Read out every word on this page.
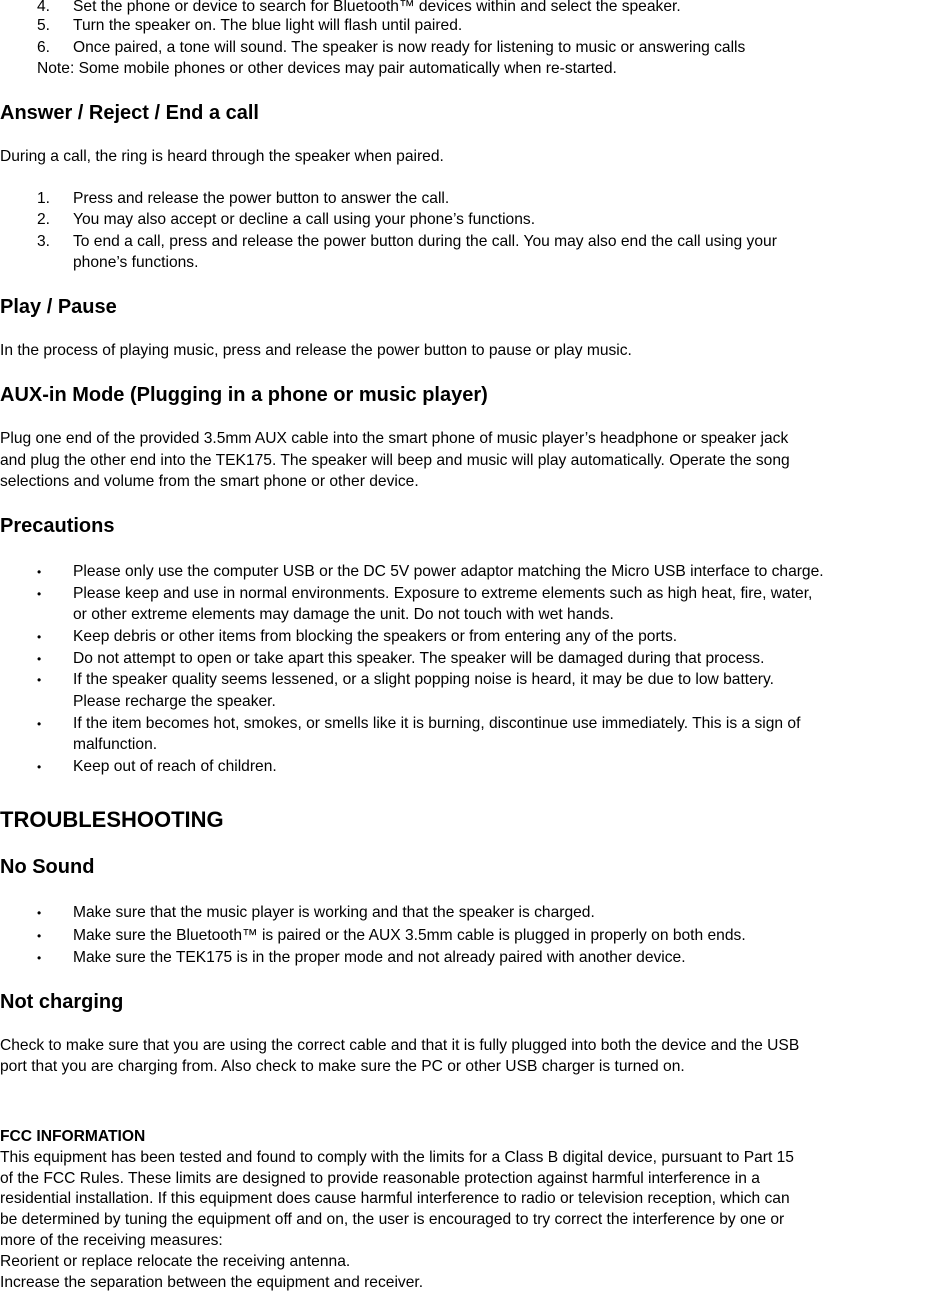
4. Set the phone or device to search for Bluetooth™ devices within and select the speaker.
5. Turn the speaker on. The blue light will flash until paired.
6. Once paired, a tone will sound. The speaker is now ready for listening to music or answering calls
Note: Some mobile phones or other devices may pair automatically when re-started.
Answer / Reject / End a call

During a call, the ring is heard through the speaker when paired.

1. Press and release the power button to answer the call.
2. You may also accept or decline a call using your phone’s functions.
3. To end a call, press and release the power button during the call. You may also end the call using your
phone’s functions.
Play / Pause

In the process of playing music, press and release the power button to pause or play music.

AUX-in Mode (Plugging in a phone or music player)
Plug one end of the provided 3.5mm AUX cable into the smart phone of music player’s headphone or speaker jack
and plug the other end into the TEK175. The speaker will beep and music will play automatically. Operate the song
selections and volume from the smart phone or other device.
Precautions
• Please only use the computer USB or the DC 5V power adaptor matching the Micro USB interface to charge.
• Please keep and use in normal environments. Exposure to extreme elements such as high heat, fire, water,
or other extreme elements may damage the unit. Do not touch with wet hands.
• Keep debris or other items from blocking the speakers or from entering any of the ports.
• Do not attempt to open or take apart this speaker. The speaker will be damaged during that process.
• If the speaker quality seems lessened, or a slight popping noise is heard, it may be due to low battery.
Please recharge the speaker.
• If the item becomes hot, smokes, or smells like it is burning, discontinue use immediately. This is a sign of
malfunction.
• Keep out of reach of children.
TROUBLESHOOTING
No Sound
• Make sure that the music player is working and that the speaker is charged.
• Make sure the Bluetooth™ is paired or the AUX 3.5mm cable is plugged in properly on both ends.
• Make sure the TEK175 is in the proper mode and not already paired with another device.
Not charging
Check to make sure that you are using the correct cable and that it is fully plugged into both the device and the USB
port that you are charging from. Also check to make sure the PC or other USB charger is turned on.
FCC INFORMATION
This equipment has been tested and found to comply with the limits for a Class B digital device, pursuant to Part 15
of the FCC Rules. These limits are designed to provide reasonable protection against harmful interference in a
residential installation. If this equipment does cause harmful interference to radio or television reception, which can
be determined by tuning the equipment off and on, the user is encouraged to try correct the interference by one or
more of the receiving measures:
Reorient or replace relocate the receiving antenna.
Increase the separation between the equipment and receiver.
